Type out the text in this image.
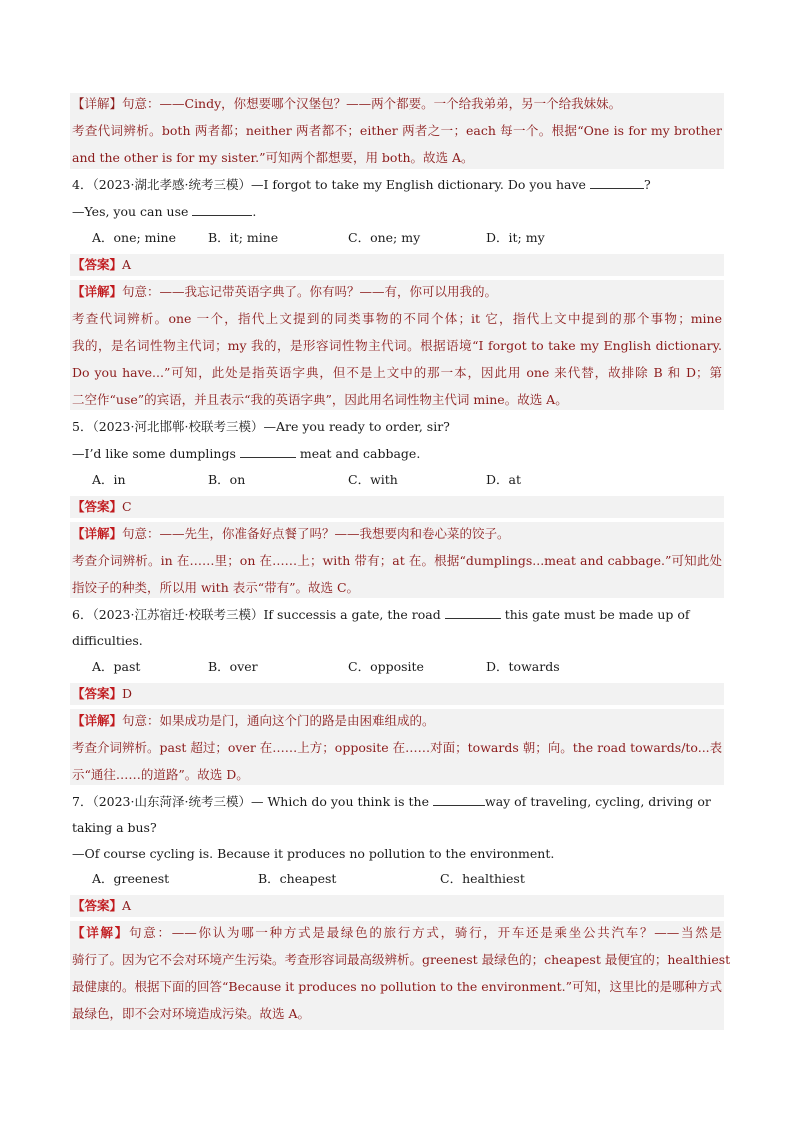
【详解】句意：——Cindy，你想要哪个汉堡包？——两个都要。一个给我弟弟，另一个给我妹妹。
考查代词辨析。both 两者都；neither 两者都不；either 两者之一；each 每一个。根据“One is for my brother
and the other is for my sister.”可知两个都想要，用 both。故选 A。
4．（2023·湖北孝感·统考三模）—I forgot to take my English dictionary. Do you have	?
—Yes, you can use	.
A．one; mine	B．it; mine	C．one; my	D．it; my
【答案】A
【详解】句意：——我忘记带英语字典了。你有吗？——有，你可以用我的。
考查代词辨析。one 一个，指代上文提到的同类事物的不同个体；it 它，指代上文中提到的那个事物；mine
我的，是名词性物主代词；my 我的，是形容词性物主代词。根据语境“I forgot to take my English dictionary.
Do you have...”可知，此处是指英语字典，但不是上文中的那一本，因此用 one 来代替，故排除 B 和 D；第
二空作“use”的宾语，并且表示“我的英语字典”，因此用名词性物主代词 mine。故选 A。
5．（2023·河北邯郸·校联考三模）—Are you ready to order, sir?
—I’d like some dumplings	meat and cabbage.
A．in	B．on	C．with	D．at
【答案】C
【详解】句意：——先生，你准备好点餐了吗？——我想要肉和卷心菜的饺子。
考查介词辨析。in 在……里；on 在……上；with 带有；at 在。根据“dumplings...meat and cabbage.”可知此处
指饺子的种类，所以用 with 表示“带有”。故选 C。
6．（2023·江苏宿迁·校联考三模）If successis a gate, the road	this gate must be made up of
difficulties.
A．past	B．over	C．opposite	D．towards
【答案】D
【详解】句意：如果成功是门，通向这个门的路是由困难组成的。
考查介词辨析。past 超过；over 在……上方；opposite 在……对面；towards 朝；向。the road towards/to...表
示“通往……的道路”。故选 D。
7．（2023·山东菏泽·统考三模）— Which do you think is the	way of traveling, cycling, driving or
taking a bus?
—Of course cycling is. Because it produces no pollution to the environment.
A．greenest	B．cheapest	C．healthiest
【答案】A
【详解】句意：——你认为哪一种方式是最绿色的旅行方式，骑行，开车还是乘坐公共汽车？——当然是
骑行了。因为它不会对环境产生污染。考查形容词最高级辨析。greenest 最绿色的；cheapest 最便宜的；healthiest
最健康的。根据下面的回答“Because it produces no pollution to the environment.”可知，这里比的是哪种方式
最绿色，即不会对环境造成污染。故选 A。
